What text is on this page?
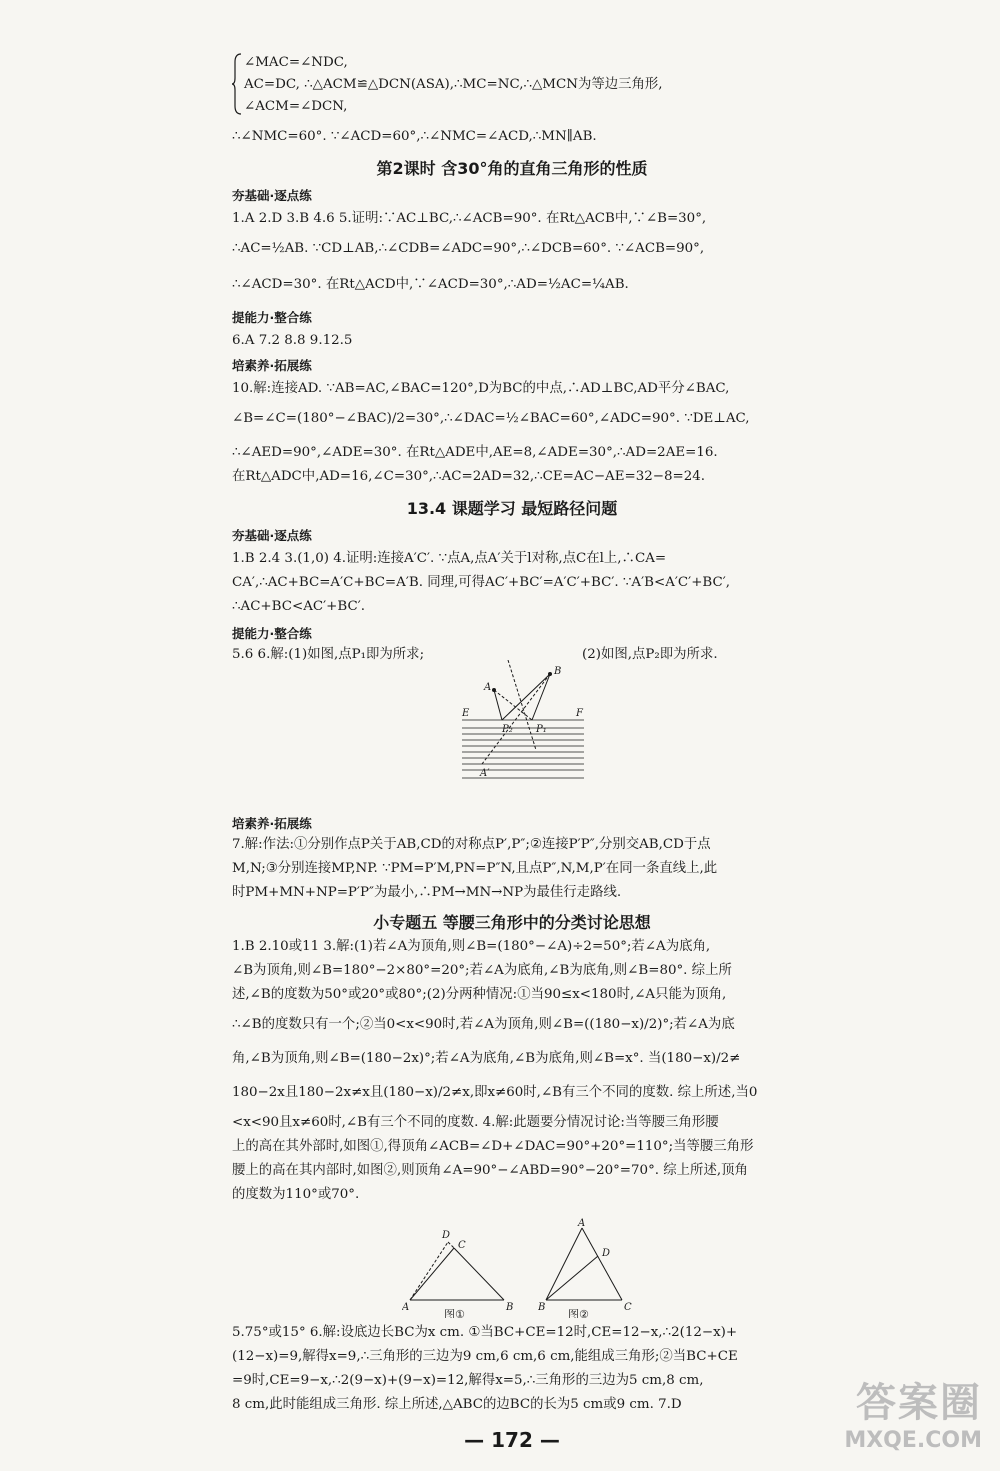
∠MAC=∠NDC,
AC=DC, ∴△ACM≌△DCN(ASA),∴MC=NC,∴△MCN为等边三角形,
∠ACM=∠DCN,
∴∠NMC=60°. ∵∠ACD=60°,∴∠NMC=∠ACD,∴MN∥AB.
第2课时 含30°角的直角三角形的性质
夯基础·逐点练
1.A 2.D 3.B 4.6 5.证明:∵AC⊥BC,∴∠ACB=90°. 在Rt△ACB中,∵∠B=30°,
∴AC=½AB. ∵CD⊥AB,∴∠CDB=∠ADC=90°,∴∠DCB=60°. ∵∠ACB=90°,
∴∠ACD=30°. 在Rt△ACD中,∵∠ACD=30°,∴AD=½AC=¼AB.
提能力·整合练
6.A 7.2 8.8 9.12.5
培素养·拓展练
10.解:连接AD. ∵AB=AC,∠BAC=120°,D为BC的中点,∴AD⊥BC,AD平分∠BAC,
∠B=∠C=(180°−∠BAC)/2=30°,∴∠DAC=½∠BAC=60°,∠ADC=90°. ∵DE⊥AC,
∴∠AED=90°,∠ADE=30°. 在Rt△ADE中,AE=8,∠ADE=30°,∴AD=2AE=16.
在Rt△ADC中,AD=16,∠C=30°,∴AC=2AD=32,∴CE=AC−AE=32−8=24.
13.4 课题学习 最短路径问题
夯基础·逐点练
1.B 2.4 3.(1,0) 4.证明:连接A′C′. ∵点A,点A′关于l对称,点C在l上,∴CA=
CA′,∴AC+BC=A′C+BC=A′B. 同理,可得AC′+BC′=A′C′+BC′. ∵A′B<A′C′+BC′,
∴AC+BC<AC′+BC′.
提能力·整合练
5.6 6.解:(1)如图,点P₁即为所求;	(2)如图,点P₂即为所求.
A
B
E	F
P₂ P₁
A′
培素养·拓展练
7.解:作法:①分别作点P关于AB,CD的对称点P′,P″;②连接P′P″,分别交AB,CD于点
M,N;③分别连接MP,NP. ∵PM=P′M,PN=P″N,且点P″,N,M,P′在同一条直线上,此
时PM+MN+NP=P′P″为最小,∴PM→MN→NP为最佳行走路线.
小专题五 等腰三角形中的分类讨论思想
1.B 2.10或11 3.解:(1)若∠A为顶角,则∠B=(180°−∠A)÷2=50°;若∠A为底角,
∠B为顶角,则∠B=180°−2×80°=20°;若∠A为底角,∠B为底角,则∠B=80°. 综上所
述,∠B的度数为50°或20°或80°;(2)分两种情况:①当90≤x<180时,∠A只能为顶角,
∴∠B的度数只有一个;②当0<x<90时,若∠A为顶角,则∠B=((180−x)/2)°;若∠A为底
角,∠B为顶角,则∠B=(180−2x)°;若∠A为底角,∠B为底角,则∠B=x°. 当(180−x)/2≠
180−2x且180−2x≠x且(180−x)/2≠x,即x≠60时,∠B有三个不同的度数. 综上所述,当0
<x<90且x≠60时,∠B有三个不同的度数. 4.解:此题要分情况讨论:当等腰三角形腰
上的高在其外部时,如图①,得顶角∠ACB=∠D+∠DAC=90°+20°=110°;当等腰三角形
腰上的高在其内部时,如图②,则顶角∠A=90°−∠ABD=90°−20°=70°. 综上所述,顶角
的度数为110°或70°.
A	B
C
D
图①
A
B	C
D
图②
5.75°或15° 6.解:设底边长BC为x cm. ①当BC+CE=12时,CE=12−x,∴2(12−x)+
(12−x)=9,解得x=9,∴三角形的三边为9 cm,6 cm,6 cm,能组成三角形;②当BC+CE
=9时,CE=9−x,∴2(9−x)+(9−x)=12,解得x=5,∴三角形的三边为5 cm,8 cm,
8 cm,此时能组成三角形. 综上所述,△ABC的边BC的长为5 cm或9 cm. 7.D
— 172 —
答案圈
MXQE.COM
